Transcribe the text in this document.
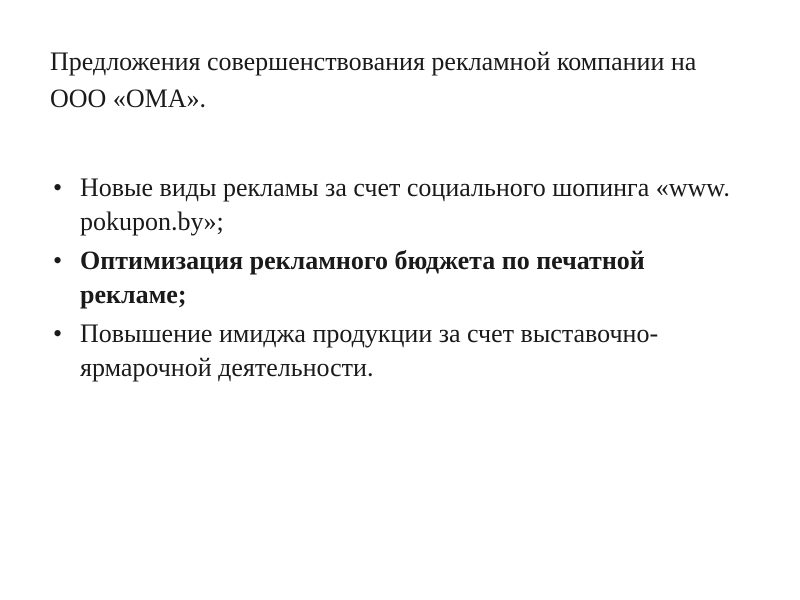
Предложения совершенствования рекламной компании на ООО «ОМА».
• Новые виды рекламы за счет социального шопинга «www. pokupon.by»;
• Оптимизация рекламного бюджета по печатной рекламе;
• Повышение имиджа продукции за счет выставочно-ярмарочной деятельности.
